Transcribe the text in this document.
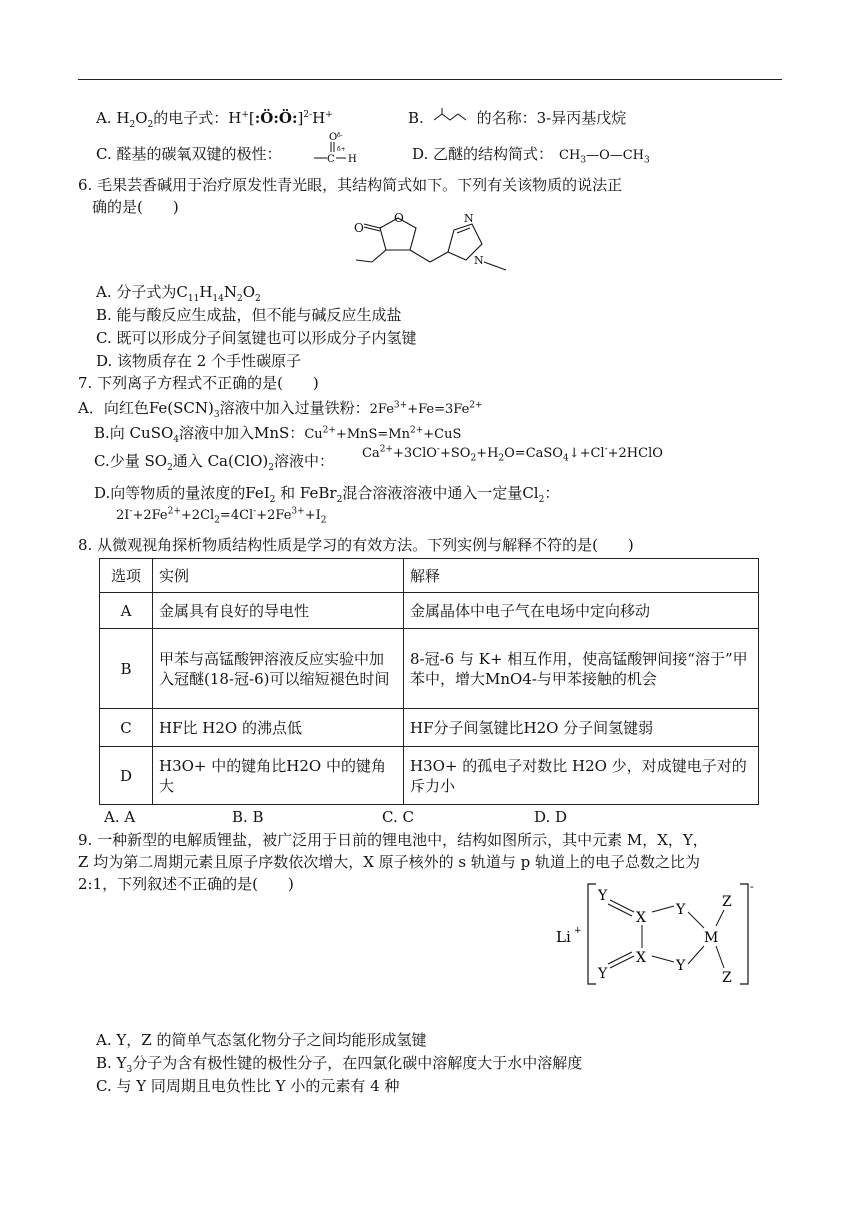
A. $H_2O_2$的电子式：H+[:Ö:Ö:]$^{2-}$H+	B.	的名称：3-异丙基戊烷
C. 醛基的碳氧双键的极性：
O δ-
δ+
C H	D. 乙醚的结构简式： $CH_3—O—CH_3$
6. 毛果芸香碱用于治疗原发性青光眼，其结构简式如下。下列有关该物质的说法正
确的是(　　)
O
O
N
N
A. 分子式为$C_{11}H_{14}N_2O_2$
B. 能与酸反应生成盐，但不能与碱反应生成盐
C. 既可以形成分子间氢键也可以形成分子内氢键
D. 该物质存在 2 个手性碳原子
7. 下列离子方程式不正确的是(　　)
A．向红色$Fe(SCN)_3$溶液中加入过量铁粉：$2Fe^{3+}+Fe=3Fe^{2+}$
B.向 CuSO$_4$溶液中加入MnS：$Cu^{2+}+MnS=Mn^{2+}+CuS$
C.少量 $SO_2$通入 $Ca(ClO)_2$溶液中： $Ca^{2+}+3ClO^-+SO_2+H_2O=CaSO_4↓+Cl^-+2HClO$
D.向等物质的量浓度的FeI$_2$ 和 FeBr$_2$混合溶液溶液中通入一定量$Cl_2$：
$2I^-+2Fe^{2+}+2Cl_2=4Cl^-+2Fe^{3+}+I_2$
8. 从微观视角探析物质结构性质是学习的有效方法。下列实例与解释不符的是(　　)
选项	实例	解释
A	金属具有良好的导电性	金属晶体中电子气在电场中定向移动
B	甲苯与高锰酸钾溶液反应实验中加入冠醚(18-冠-6)可以缩短褪色时间	8-冠-6 与 K+ 相互作用，使高锰酸钾间接“溶于”甲苯中，增大MnO4-与甲苯接触的机会
C	HF比 H2O 的沸点低	HF分子间氢键比H2O 分子间氢键弱
D	H3O+ 中的键角比H2O 中的键角大	H3O+ 的孤电子对数比 H2O 少，对成键电子对的斥力小
A. A	B. B	C. C	D. D
9. 一种新型的电解质锂盐，被广泛用于日前的锂电池中，结构如图所示，其中元素 M，X，Y，
Z 均为第二周期元素且原子序数依次增大，X 原子核外的 s 轨道与 p 轨道上的电子总数之比为
2:1，下列叙述不正确的是(　　)
Li +
-
Y
X
X
Y
Y
Y
M
Z
Z
A. Y，Z 的简单气态氢化物分子之间均能形成氢键
B. $Y_3$分子为含有极性键的极性分子，在四氯化碳中溶解度大于水中溶解度
C. 与 Y 同周期且电负性比 Y 小的元素有 4 种
